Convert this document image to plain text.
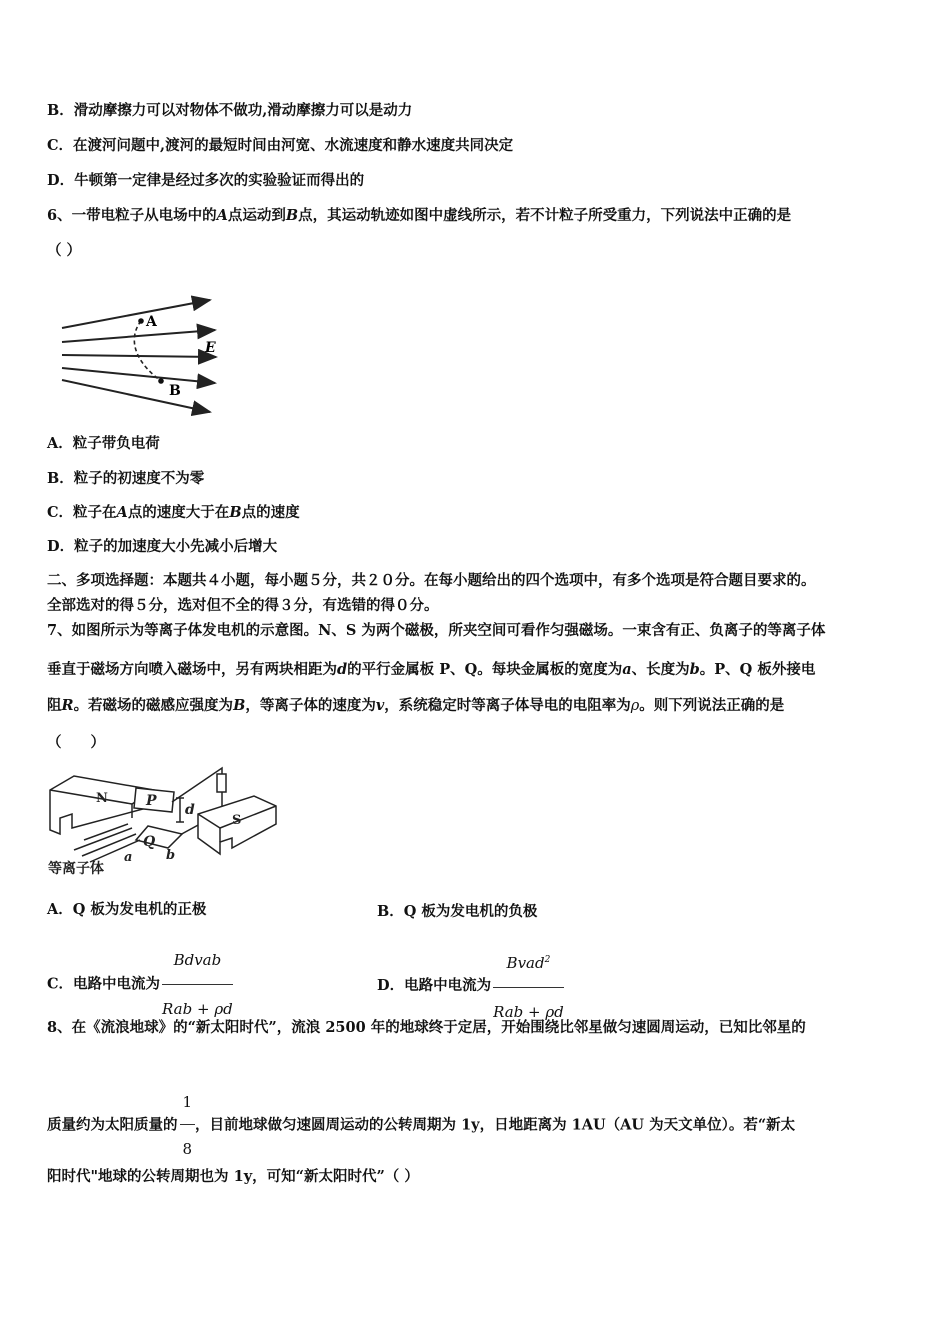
B．滑动摩擦力可以对物体不做功,滑动摩擦力可以是动力
C．在渡河问题中,渡河的最短时间由河宽、水流速度和静水速度共同决定
D．牛顿第一定律是经过多次的实验验证而得出的
6、一带电粒子从电场中的A点运动到B点，其运动轨迹如图中虚线所示，若不计粒子所受重力，下列说法中正确的是
（ ）
A
E
B
A．粒子带负电荷
B．粒子的初速度不为零
C．粒子在A点的速度大于在B点的速度
D．粒子的加速度大小先减小后增大
二、多项选择题：本题共４小题，每小题５分，共２０分。在每小题给出的四个选项中，有多个选项是符合题目要求的。
全部选对的得５分，选对但不全的得３分，有选错的得０分。
7、如图所示为等离子体发电机的示意图。N、S 为两个磁极，所夹空间可看作匀强磁场。一束含有正、负离子的等离子体
垂直于磁场方向喷入磁场中，另有两块相距为d的平行金属板 P、Q。每块金属板的宽度为a、长度为b。P、Q 板外接电
阻R。若磁场的磁感应强度为B，等离子体的速度为v，系统稳定时等离子体导电的电阻率为ρ。则下列说法正确的是
（　　）
N	P
d
S
Q
b
a
等离子体
A．Q 板为发电机的正极	B．Q 板为发电机的负极
C．电路中电流为 $\frac{\text{Bdvab}}{\text{Rab + ρd}}$	D．电路中电流为 $\frac{Bvad^2}{\text{Rab + ρd}}$
8、在《流浪地球》的“新太阳时代”，流浪 2500 年的地球终于定居，开始围绕比邻星做匀速圆周运动，已知比邻星的
质量约为太阳质量的 $\frac{1}{8}$ ，目前地球做匀速圆周运动的公转周期为 1y，日地距离为 1AU（AU 为天文单位）。若“新太
阳时代"地球的公转周期也为 1y，可知“新太阳时代”（ ）
